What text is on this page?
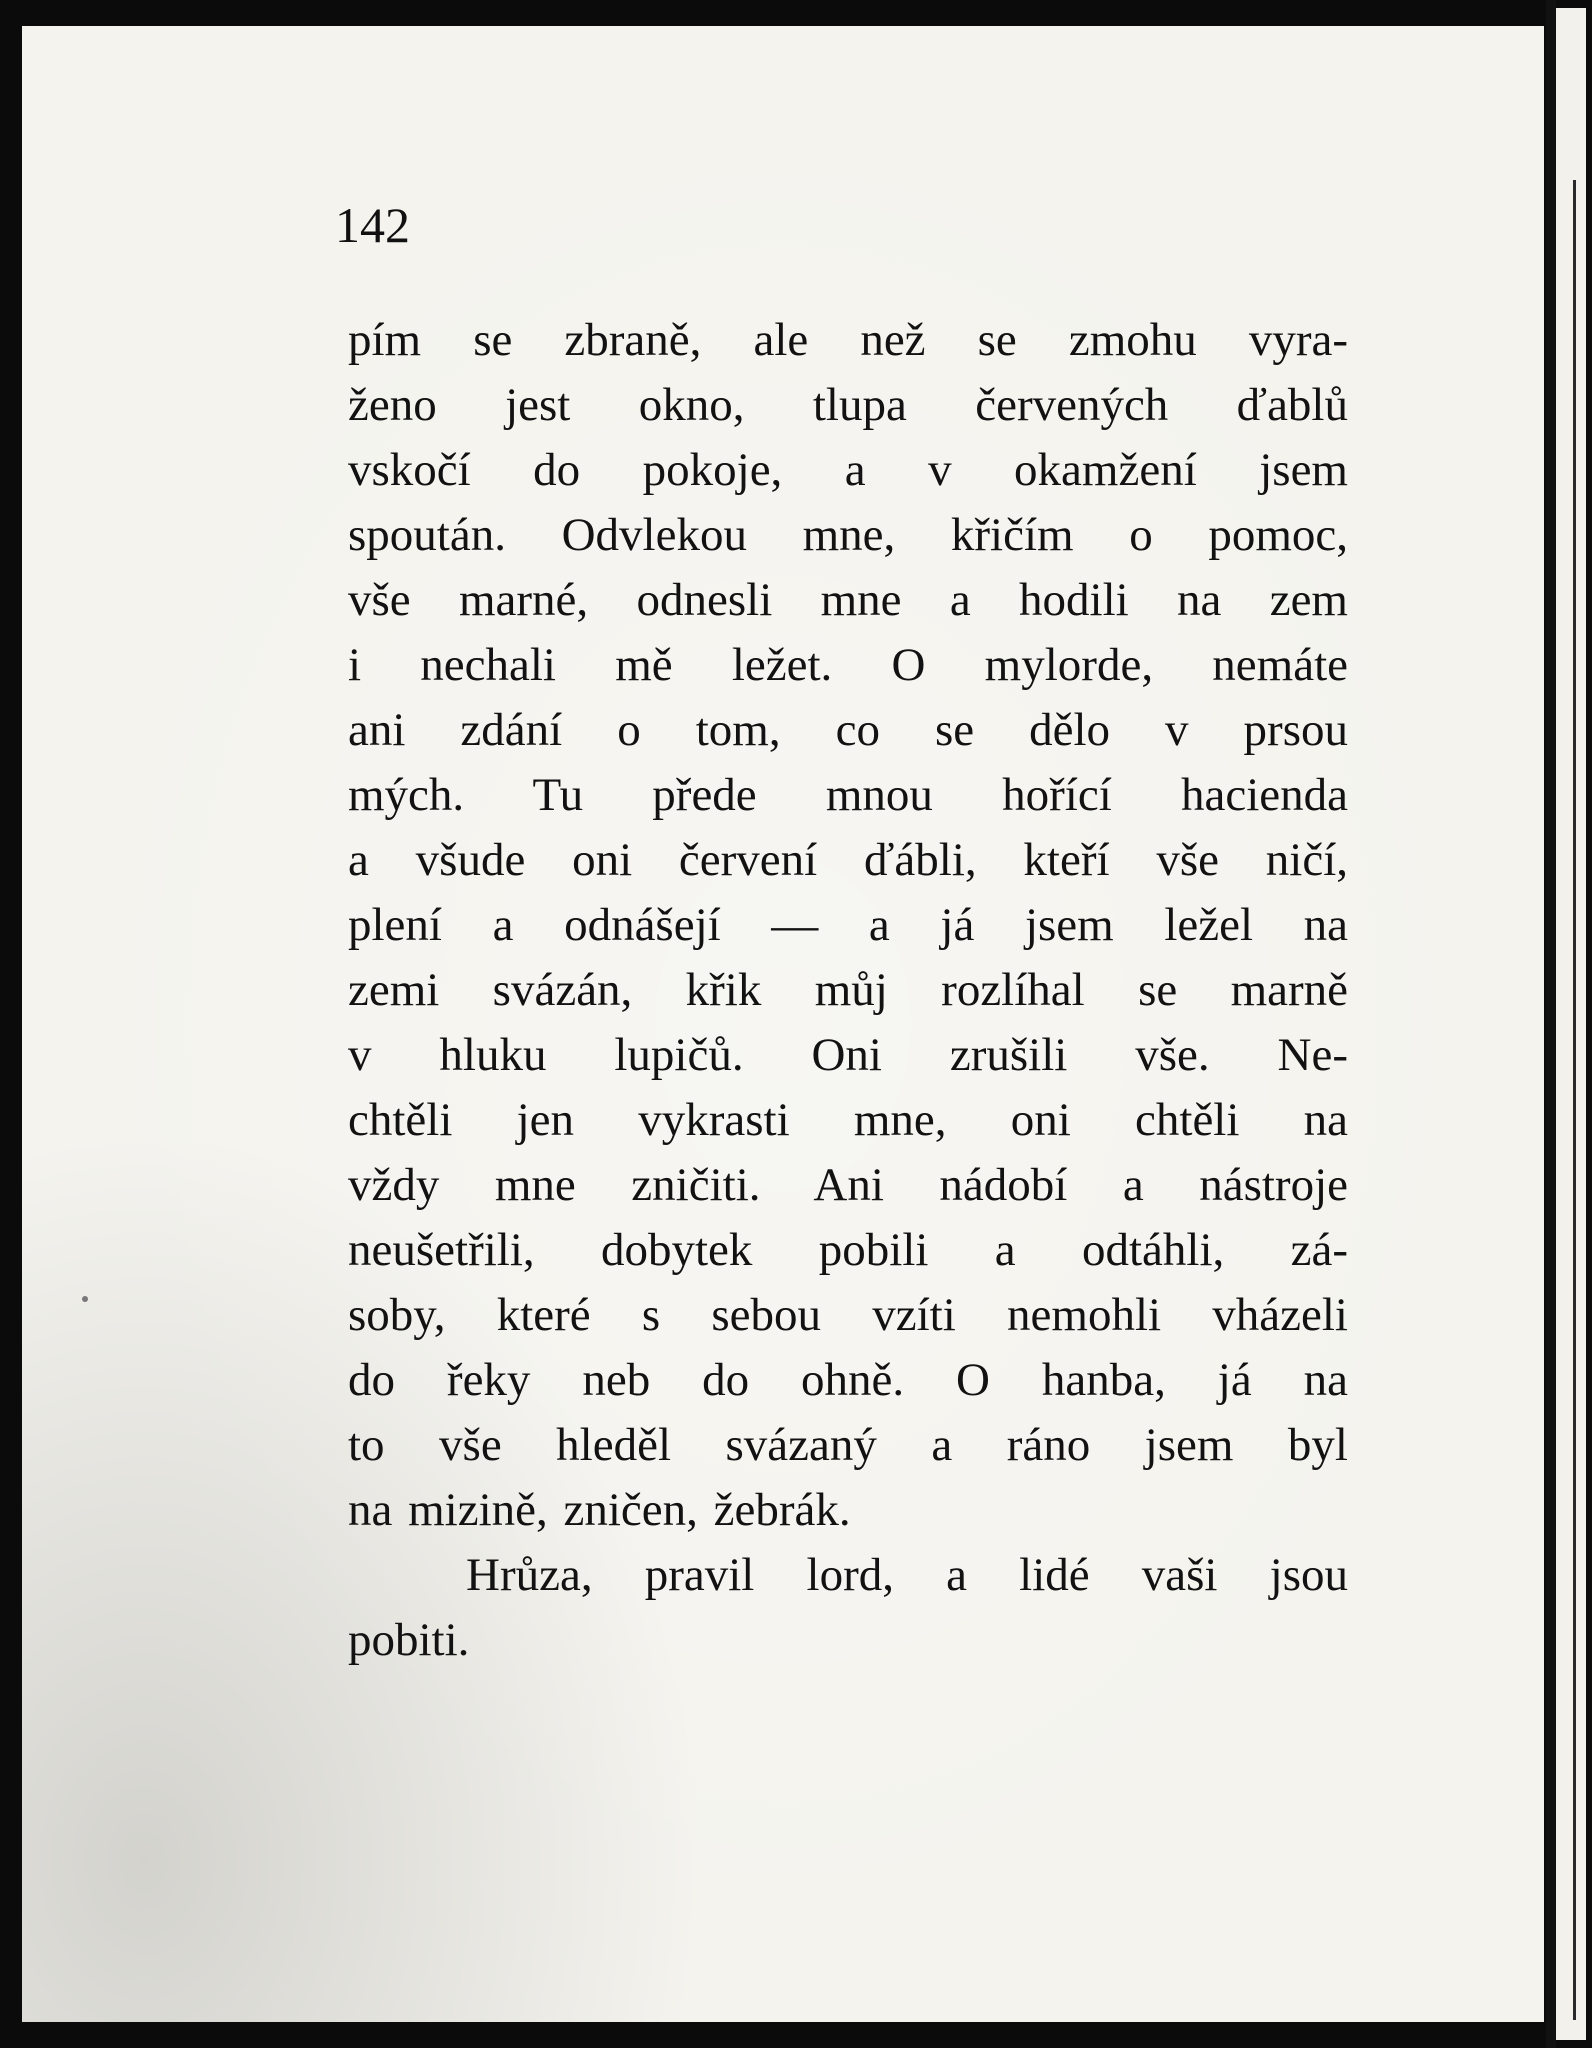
142

pím se zbraně, ale než se zmohu vyra-
ženo jest okno, tlupa červených ďablů
vskočí do pokoje, a v okamžení jsem
spoután. Odvlekou mne, křičím o pomoc,
vše marné, odnesli mne a hodili na zem
i nechali mě ležet. O mylorde, nemáte
ani zdání o tom, co se dělo v prsou
mých. Tu přede mnou hořící hacienda
a všude oni červení ďábli, kteří vše ničí,
plení a odnášejí — a já jsem ležel na
zemi svázán, křik můj rozlíhal se marně
v hluku lupičů. Oni zrušili vše. Ne-
chtěli jen vykrasti mne, oni chtěli na
vždy mne zničiti. Ani nádobí a nástroje
neušetřili, dobytek pobili a odtáhli, zá-
soby, které s sebou vzíti nemohli vházeli
do řeky neb do ohně. O hanba, já na
to vše hleděl svázaný a ráno jsem byl
na mizině, zničen, žebrák.
Hrůza, pravil lord, a lidé vaši jsou
pobiti.
